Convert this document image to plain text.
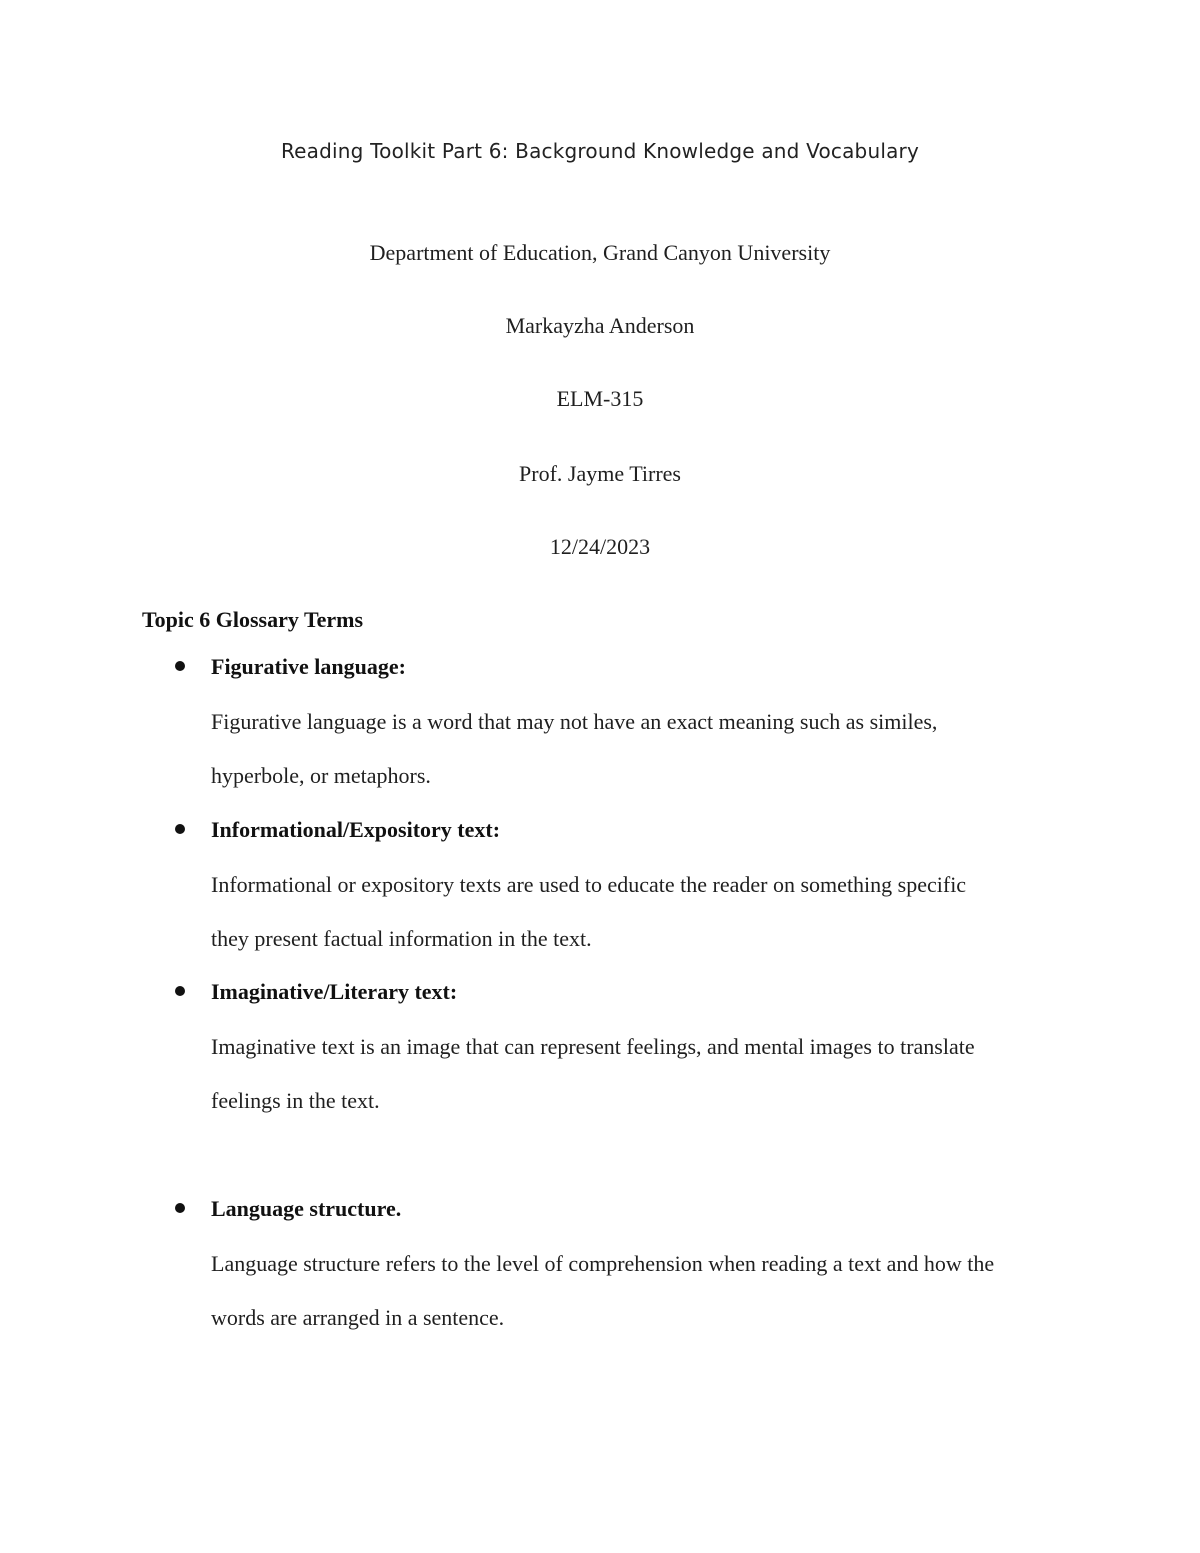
Reading Toolkit Part 6: Background Knowledge and Vocabulary
Department of Education, Grand Canyon University
Markayzha Anderson
ELM-315
Prof. Jayme Tirres
12/24/2023
Topic 6 Glossary Terms
Figurative language:
Figurative language is a word that may not have an exact meaning such as similes,
hyperbole, or metaphors.
Informational/Expository text:
Informational or expository texts are used to educate the reader on something specific
they present factual information in the text.
Imaginative/Literary text:
Imaginative text is an image that can represent feelings, and mental images to translate
feelings in the text.
Language structure.
Language structure refers to the level of comprehension when reading a text and how the
words are arranged in a sentence.
